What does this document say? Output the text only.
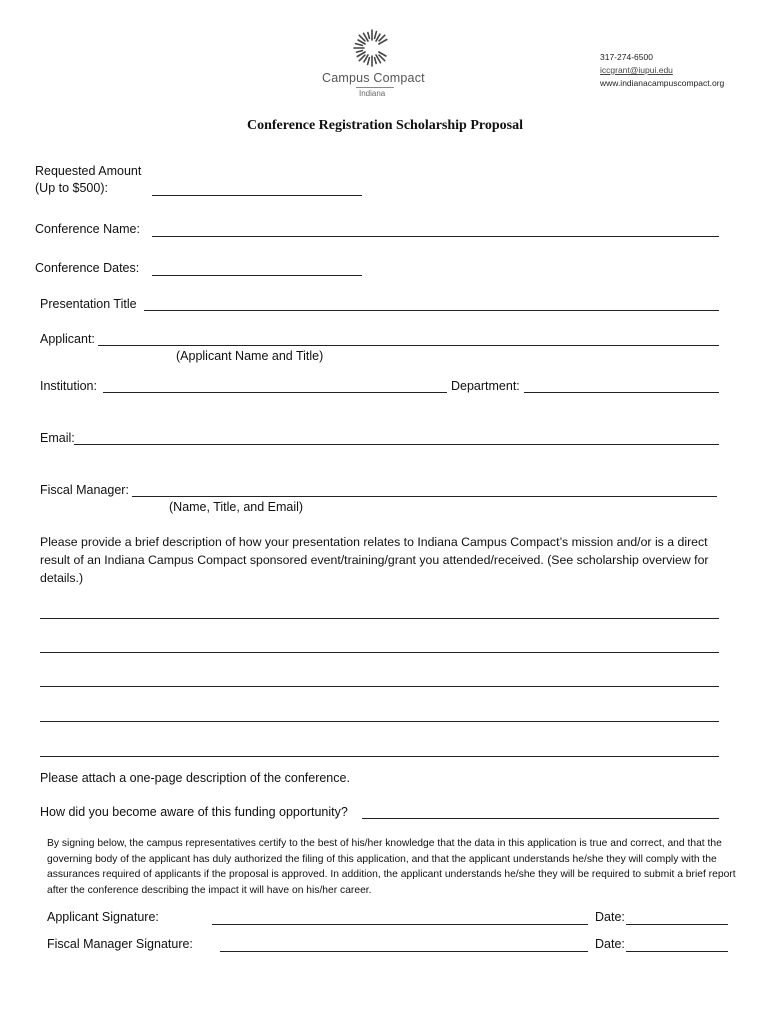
Campus Compact
Indiana
317-274-6500
iccgrant@iupui.edu
www.indianacampuscompact.org
Conference Registration Scholarship Proposal
Requested Amount
(Up to $500):
Conference Name:
Conference Dates:
Presentation Title
Applicant:
(Applicant Name and Title)
Institution:	Department:
Email:
Fiscal Manager:
(Name, Title, and Email)
Please provide a brief description of how your presentation relates to Indiana Campus Compact’s mission and/or is a direct result of an Indiana Campus Compact sponsored event/training/grant you attended/received. (See scholarship overview for details.)
Please attach a one-page description of the conference.
How did you become aware of this funding opportunity?
By signing below, the campus representatives certify to the best of his/her knowledge that the data in this application is true and correct, and that the governing body of the applicant has duly authorized the filing of this application, and that the applicant understands he/she they will comply with the assurances required of applicants if the proposal is approved. In addition, the applicant understands he/she they will be required to submit a brief report after the conference describing the impact it will have on his/her career.
Applicant Signature:	Date:
Fiscal Manager Signature:	Date:
